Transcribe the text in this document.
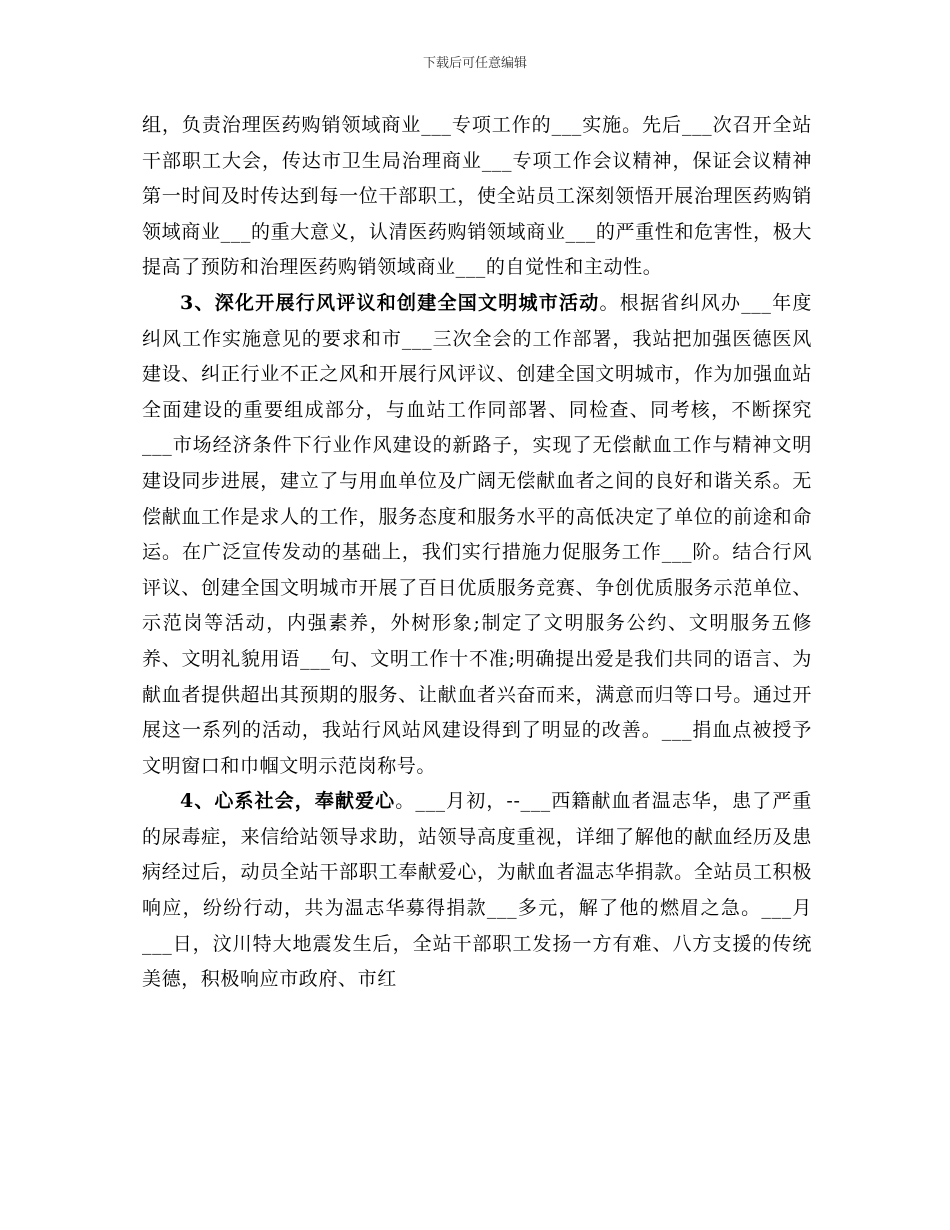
下载后可任意编辑

组，负责治理医药购销领域商业___专项工作的___实施。先后___次召开全站干部职工大会，传达市卫生局治理商业___专项工作会议精神，保证会议精神第一时间及时传达到每一位干部职工，使全站员工深刻领悟开展治理医药购销领域商业___的重大意义，认清医药购销领域商业___的严重性和危害性，极大提高了预防和治理医药购销领域商业___的自觉性和主动性。

3、深化开展行风评议和创建全国文明城市活动。根据省纠风办___年度纠风工作实施意见的要求和市___三次全会的工作部署，我站把加强医德医风建设、纠正行业不正之风和开展行风评议、创建全国文明城市，作为加强血站全面建设的重要组成部分，与血站工作同部署、同检查、同考核，不断探究___市场经济条件下行业作风建设的新路子，实现了无偿献血工作与精神文明建设同步进展，建立了与用血单位及广阔无偿献血者之间的良好和谐关系。无偿献血工作是求人的工作，服务态度和服务水平的高低决定了单位的前途和命运。在广泛宣传发动的基础上，我们实行措施力促服务工作___阶。结合行风评议、创建全国文明城市开展了百日优质服务竞赛、争创优质服务示范单位、示范岗等活动，内强素养，外树形象;制定了文明服务公约、文明服务五修养、文明礼貌用语___句、文明工作十不准;明确提出爱是我们共同的语言、为献血者提供超出其预期的服务、让献血者兴奋而来，满意而归等口号。通过开展这一系列的活动，我站行风站风建设得到了明显的改善。___捐血点被授予文明窗口和巾帼文明示范岗称号。

4、心系社会，奉献爱心。___月初，--___西籍献血者温志华，患了严重的尿毒症，来信给站领导求助，站领导高度重视，详细了解他的献血经历及患病经过后，动员全站干部职工奉献爱心，为献血者温志华捐款。全站员工积极响应，纷纷行动，共为温志华募得捐款___多元，解了他的燃眉之急。___月___日，汶川特大地震发生后，全站干部职工发扬一方有难、八方支援的传统美德，积极响应市政府、市红
